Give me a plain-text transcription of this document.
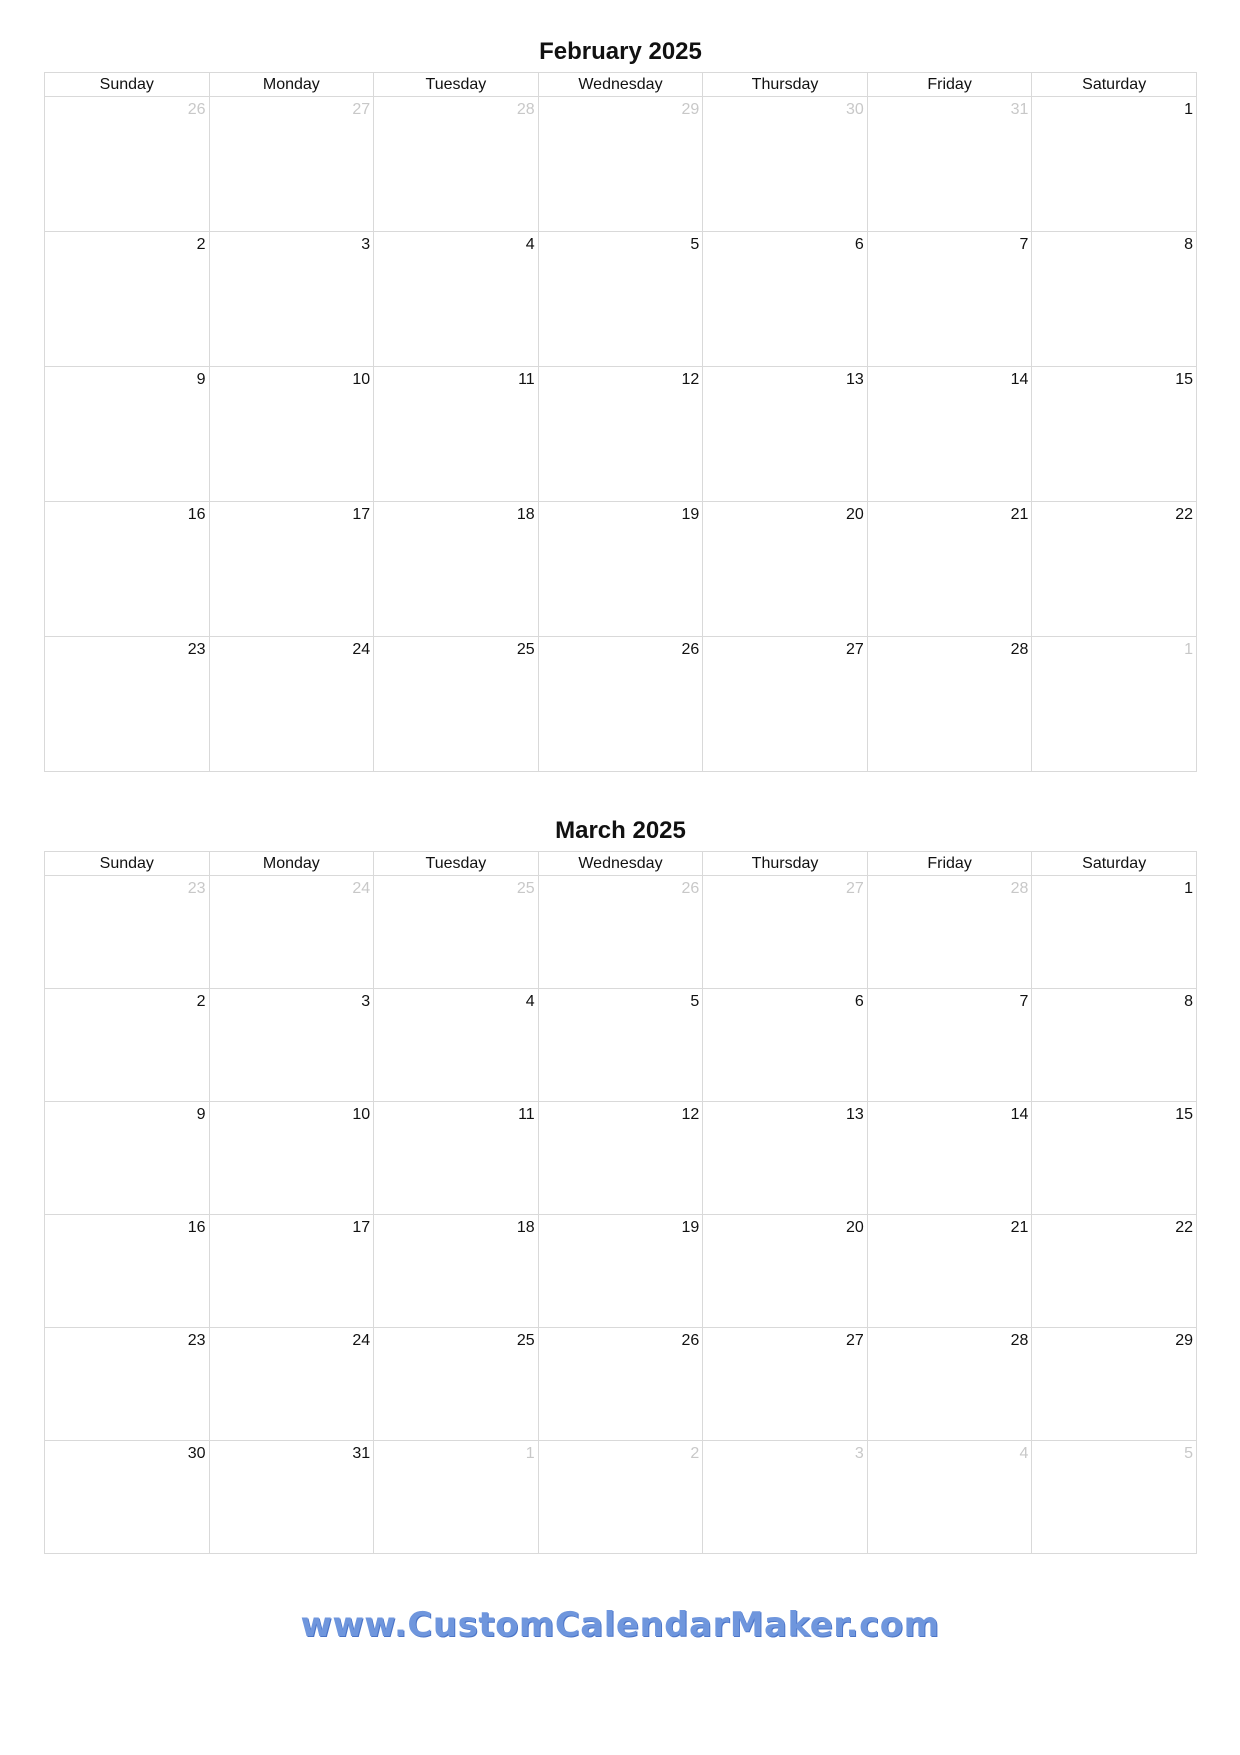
February 2025
Sunday	Monday	Tuesday	Wednesday	Thursday	Friday	Saturday

26	27	28	29	30	31	1

2	3	4	5	6	7	8

9	10	11	12	13	14	15

16	17	18	19	20	21	22

23	24	25	26	27	28	1
March 2025
Sunday	Monday	Tuesday	Wednesday	Thursday	Friday	Saturday

23	24	25	26	27	28	1

2	3	4	5	6	7	8

9	10	11	12	13	14	15

16	17	18	19	20	21	22

23	24	25	26	27	28	29

30	31	1	2	3	4	5
www.CustomCalendarMaker.com
